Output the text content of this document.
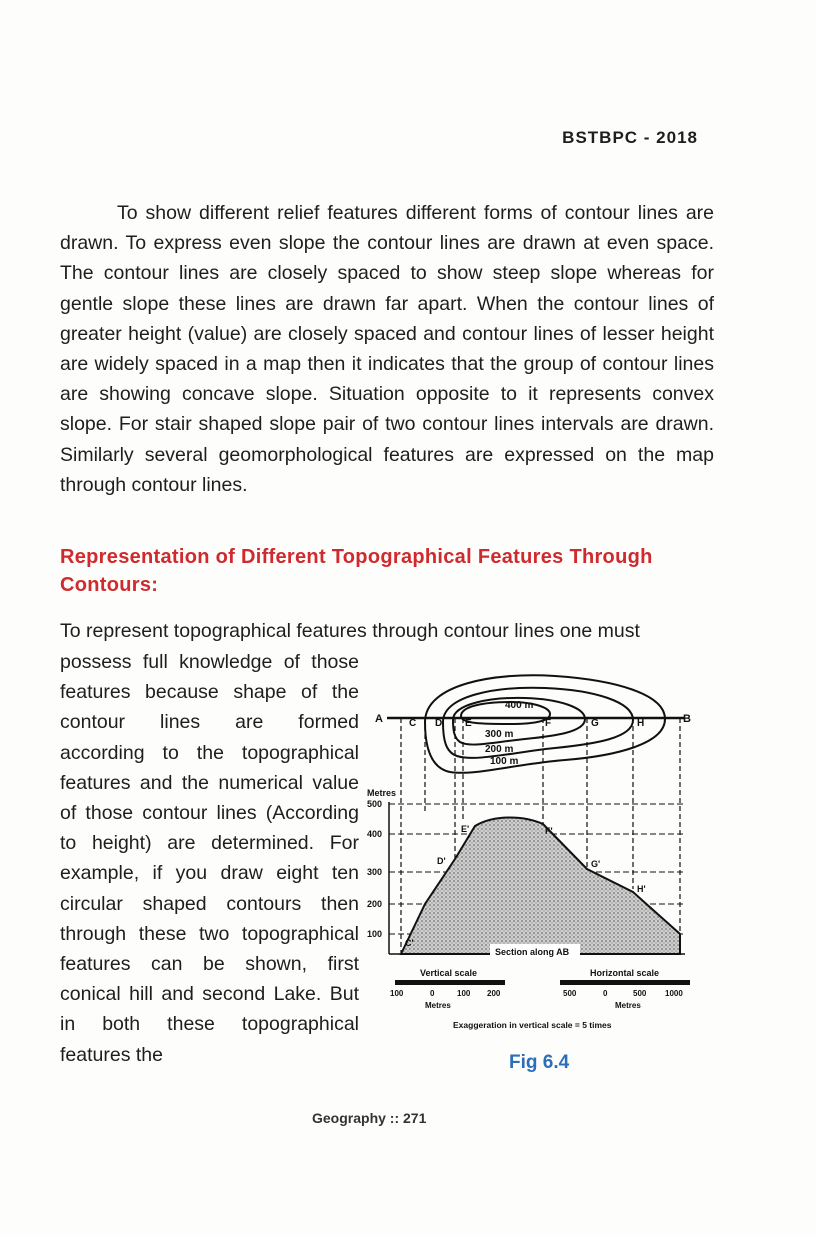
BSTBPC - 2018
To show different relief features different forms of contour lines are drawn. To express even slope the contour lines are drawn at even space. The contour lines are closely spaced to show steep slope whereas for gentle slope these lines are drawn far apart. When the contour lines of greater height (value) are closely spaced and contour lines of lesser height are widely spaced in a map then it indicates that the group of contour lines are showing concave slope. Situation opposite to it represents convex slope. For stair shaped slope pair of two contour lines intervals are drawn. Similarly several geomorphological features are expressed on the map through contour lines.
Representation of Different Topographical Features Through Contours:
To represent topographical features through contour lines one must
possess full knowledge of those features because shape of the contour lines are formed according to the topographical features and the numerical value of those contour lines (According to height) are determined. For example, if you draw eight ten circular shaped contours then through these two topographical features can be shown, first conical hill and second Lake. But in both these topographical features the
400 m
300 m
200 m
100 m
A	C D E	F	G	H	B
Metres
500
400
300
200
100
E'	F'
D'	G'
H'
C'
Section along AB
Vertical scale
100	0	100 200
Metres
Horizontal scale
500	0	500 1000
Metres
Exaggeration in vertical scale = 5 times
Fig 6.4
Geography :: 271
